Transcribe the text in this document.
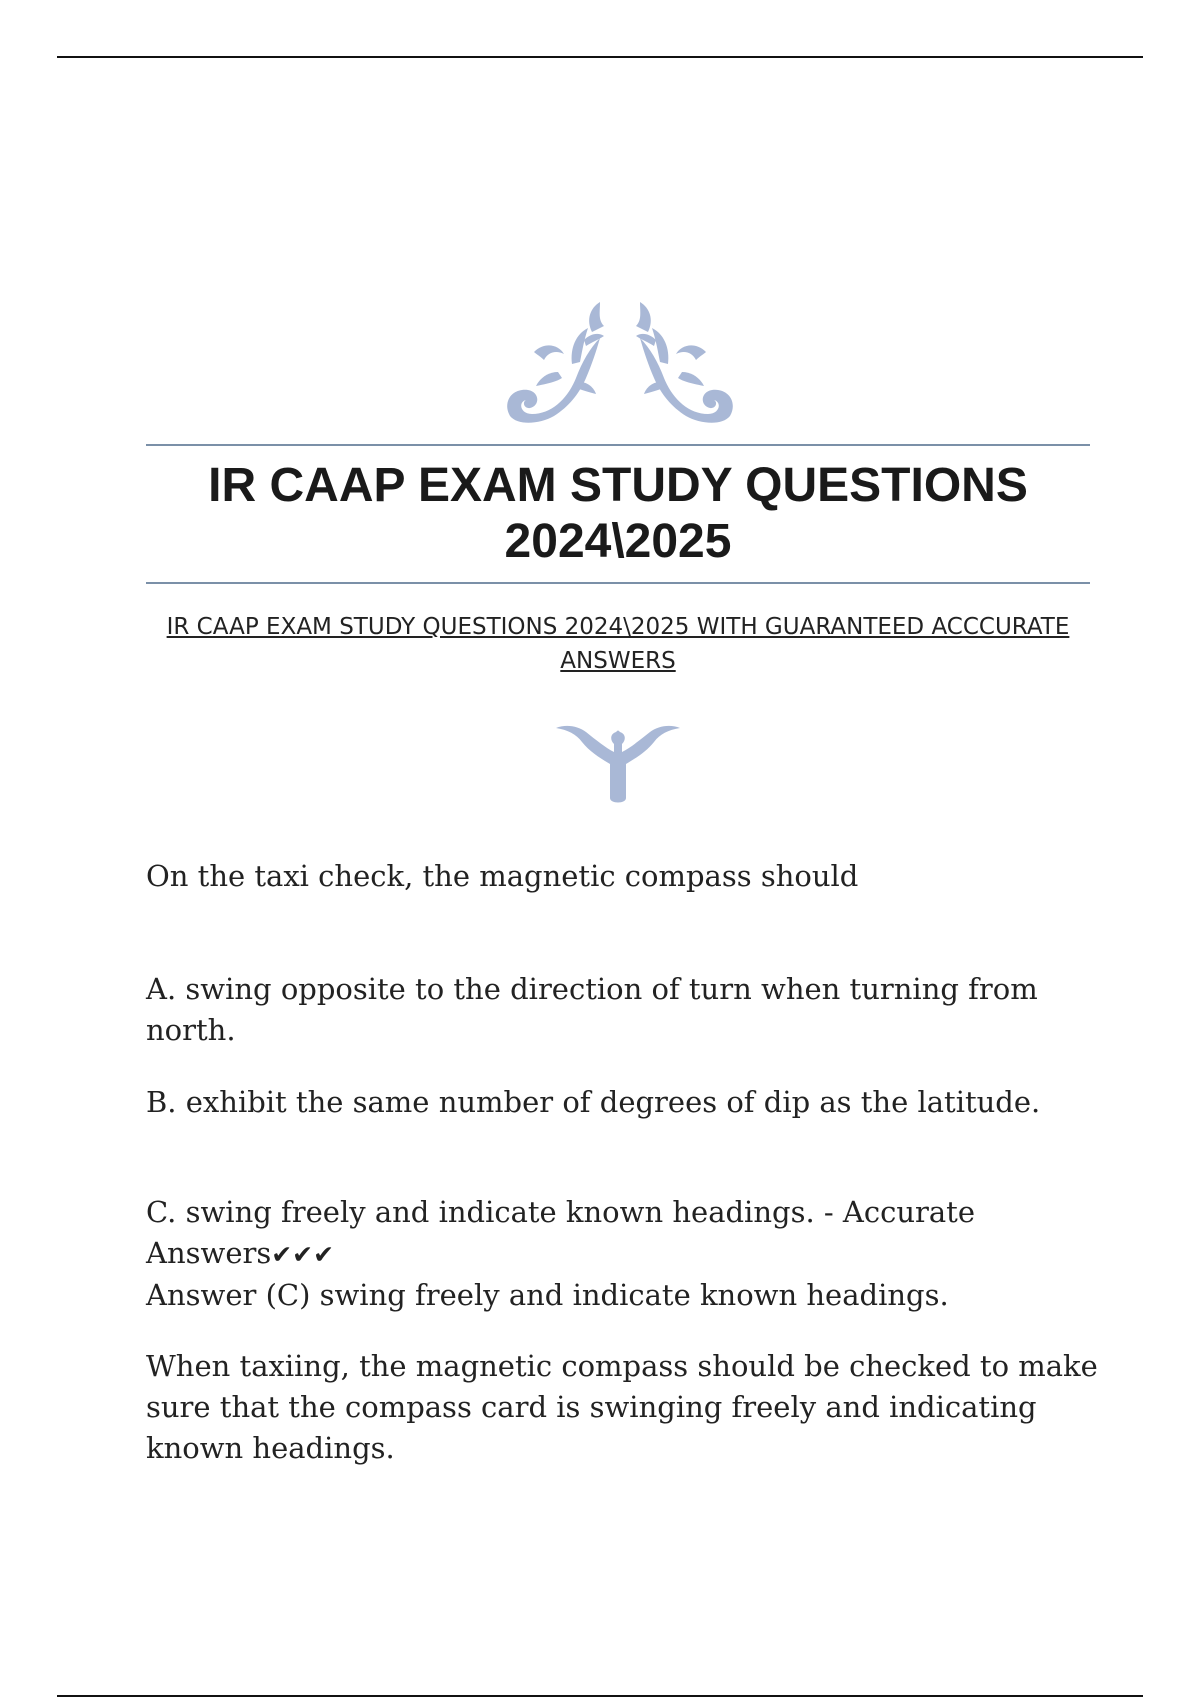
IR CAAP EXAM STUDY QUESTIONS 2024\2025
IR CAAP EXAM STUDY QUESTIONS 2024\2025 WITH GUARANTEED ACCCURATE ANSWERS
On the taxi check, the magnetic compass should
A. swing opposite to the direction of turn when turning from north.
B. exhibit the same number of degrees of dip as the latitude.
C. swing freely and indicate known headings. - Accurate Answers✔✔✔
Answer (C) swing freely and indicate known headings.
When taxiing, the magnetic compass should be checked to make sure that the compass card is swinging freely and indicating known headings.
